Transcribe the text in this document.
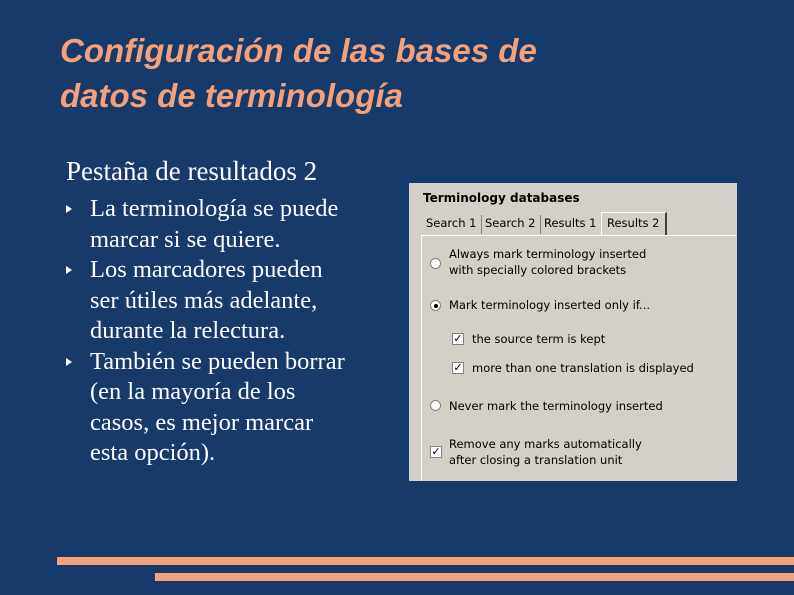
Configuración de las bases de
datos de terminología
Pestaña de resultados 2
La terminología se puede
marcar si se quiere.
Los marcadores pueden
ser útiles más adelante,
durante la relectura.
También se pueden borrar
(en la mayoría de los
casos, es mejor marcar
esta opción).
Terminology databases
Search 1 Search 2 Results 1 Results 2
Always mark terminology inserted
with specially colored brackets
Mark terminology inserted only if...
✓ the source term is kept
✓ more than one translation is displayed
Never mark the terminology inserted
✓
Remove any marks automatically
after closing a translation unit
